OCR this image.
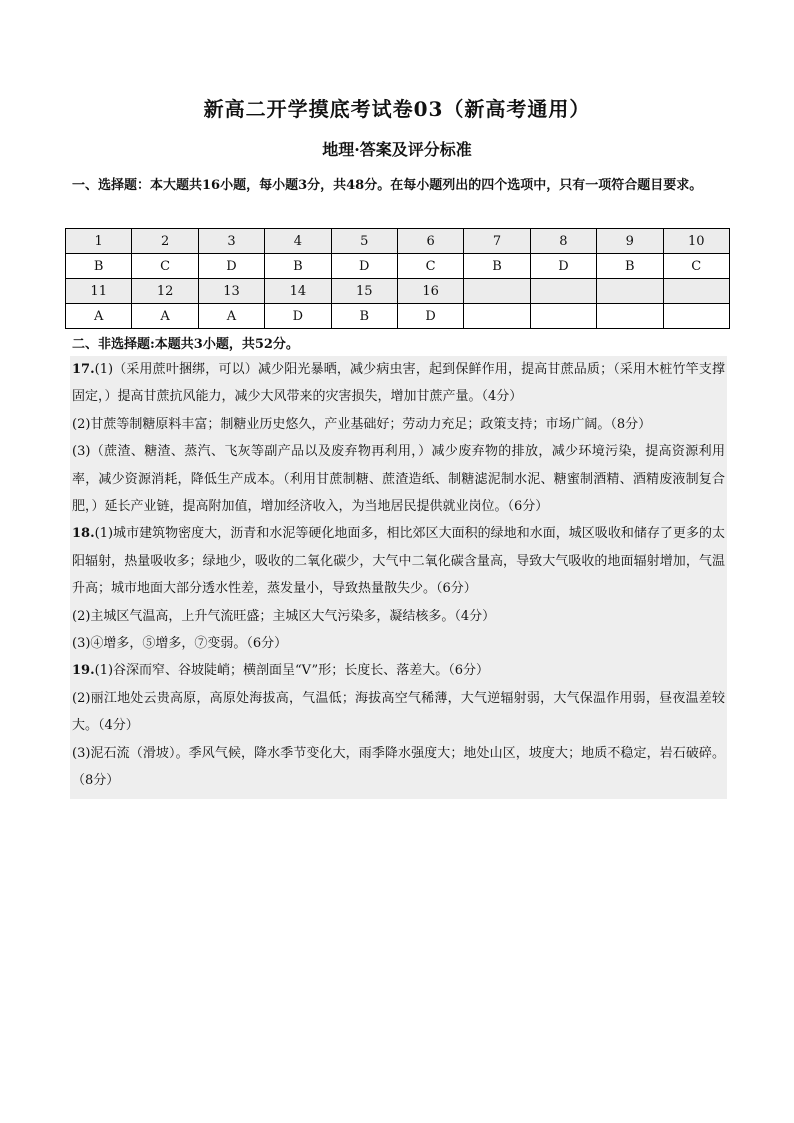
新高二开学摸底考试卷03（新高考通用）
地理·答案及评分标准
一、选择题：本大题共16小题，每小题3分，共48分。在每小题列出的四个选项中，只有一项符合题目要求。
1	2	3	4	5	6	7	8	9	10
B	C	D	B	D	C	B	D	B	C
11	12	13	14	15	16				
A	A	A	D	B	D				
二、非选择题:本题共3小题，共52分。

17.(1)（采用蔗叶捆绑，可以）减少阳光暴晒，减少病虫害，起到保鲜作用，提高甘蔗品质；（采用木桩竹竿支撑固定，）提高甘蔗抗风能力，减少大风带来的灾害损失，增加甘蔗产量。（4分）

(2)甘蔗等制糖原料丰富；制糖业历史悠久，产业基础好；劳动力充足；政策支持；市场广阔。（8分）

(3)（蔗渣、糖渣、蒸汽、飞灰等副产品以及废弃物再利用，）减少废弃物的排放，减少环境污染，提高资源利用率，减少资源消耗，降低生产成本。（利用甘蔗制糖、蔗渣造纸、制糖滤泥制水泥、糖蜜制酒精、酒精废液制复合肥，）延长产业链，提高附加值，增加经济收入，为当地居民提供就业岗位。（6分）

18.(1)城市建筑物密度大，沥青和水泥等硬化地面多，相比郊区大面积的绿地和水面，城区吸收和储存了更多的太阳辐射，热量吸收多；绿地少，吸收的二氧化碳少，大气中二氧化碳含量高，导致大气吸收的地面辐射增加，气温升高；城市地面大部分透水性差，蒸发量小，导致热量散失少。（6分）

(2)主城区气温高，上升气流旺盛；主城区大气污染多，凝结核多。（4分）

(3)④增多，⑤增多，⑦变弱。（6分）

19.(1)谷深而窄、谷坡陡峭；横剖面呈“V”形；长度长、落差大。（6分）

(2)丽江地处云贵高原，高原处海拔高，气温低；海拔高空气稀薄，大气逆辐射弱，大气保温作用弱，昼夜温差较大。（4分）

(3)泥石流（滑坡）。季风气候，降水季节变化大，雨季降水强度大；地处山区，坡度大；地质不稳定，岩石破碎。（8分）
